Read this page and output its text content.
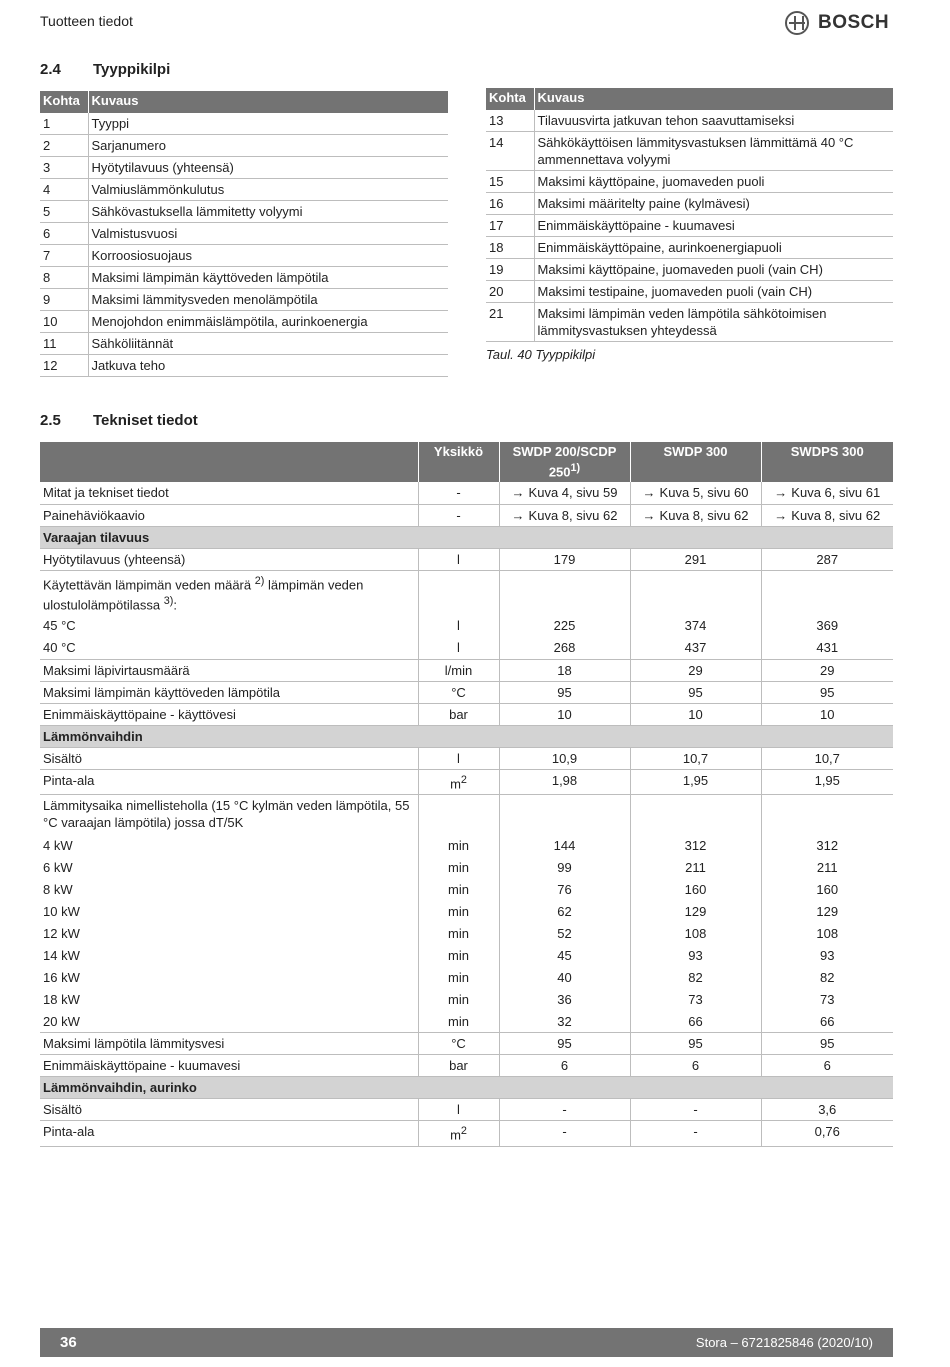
Tuotteen tiedot	BOSCH
2.4 Tyyppikilpi
Kohta	Kuvaus
1	Tyyppi
2	Sarjanumero
3	Hyötytilavuus (yhteensä)
4	Valmiuslämmönkulutus
5	Sähkövastuksella lämmitetty volyymi
6	Valmistusvuosi
7	Korroosiosuojaus
8	Maksimi lämpimän käyttöveden lämpötila
9	Maksimi lämmitysveden menolämpötila
10	Menojohdon enimmäislämpötila, aurinkoenergia
11	Sähköliitännät
12	Jatkuva teho
Kohta	Kuvaus
13	Tilavuusvirta jatkuvan tehon saavuttamiseksi
14	Sähkökäyttöisen lämmitysvastuksen lämmittämä 40 °C ammennettava volyymi
15	Maksimi käyttöpaine, juomaveden puoli
16	Maksimi määritelty paine (kylmävesi)
17	Enimmäiskäyttöpaine - kuumavesi
18	Enimmäiskäyttöpaine, aurinkoenergiapuoli
19	Maksimi käyttöpaine, juomaveden puoli (vain CH)
20	Maksimi testipaine, juomaveden puoli (vain CH)
21	Maksimi lämpimän veden lämpötila sähkötoimisen lämmitysvastuksen yhteydessä
Taul. 40 Tyyppikilpi
2.5 Tekniset tiedot
	Yksikkö	SWDP 200/SCDP 250$^{1)}$	SWDP 300	SWDPS 300
Mitat ja tekniset tiedot	-	→ Kuva 4, sivu 59	→ Kuva 5, sivu 60	→ Kuva 6, sivu 61
Painehäviökaavio	-	→ Kuva 8, sivu 62	→ Kuva 8, sivu 62	→ Kuva 8, sivu 62
Varaajan tilavuus				
Hyötytilavuus (yhteensä)	l	179	291	287
Käytettävän lämpimän veden määrä $^{2)}$ lämpimän veden ulostulolämpötilassa $^{3)}$:				
45 °C	l	225	374	369
40 °C	l	268	437	431
Maksimi läpivirtausmäärä	l/min	18	29	29
Maksimi lämpimän käyttöveden lämpötila	°C	95	95	95
Enimmäiskäyttöpaine - käyttövesi	bar	10	10	10
Lämmönvaihdin				
Sisältö	l	10,9	10,7	10,7
Pinta-ala	$m^2$	1,98	1,95	1,95
Lämmitysaika nimellisteholla (15 °C kylmän veden lämpötila, 55 °C varaajan lämpötila) jossa dT/5K				
4 kW	min	144	312	312
6 kW	min	99	211	211
8 kW	min	76	160	160
10 kW	min	62	129	129
12 kW	min	52	108	108
14 kW	min	45	93	93
16 kW	min	40	82	82
18 kW	min	36	73	73
20 kW	min	32	66	66
Maksimi lämpötila lämmitysvesi	°C	95	95	95
Enimmäiskäyttöpaine - kuumavesi	bar	6	6	6
Lämmönvaihdin, aurinko				
Sisältö	l	-	-	3,6
Pinta-ala	$m^2$	-	-	0,76
36	Stora – 6721825846 (2020/10)
